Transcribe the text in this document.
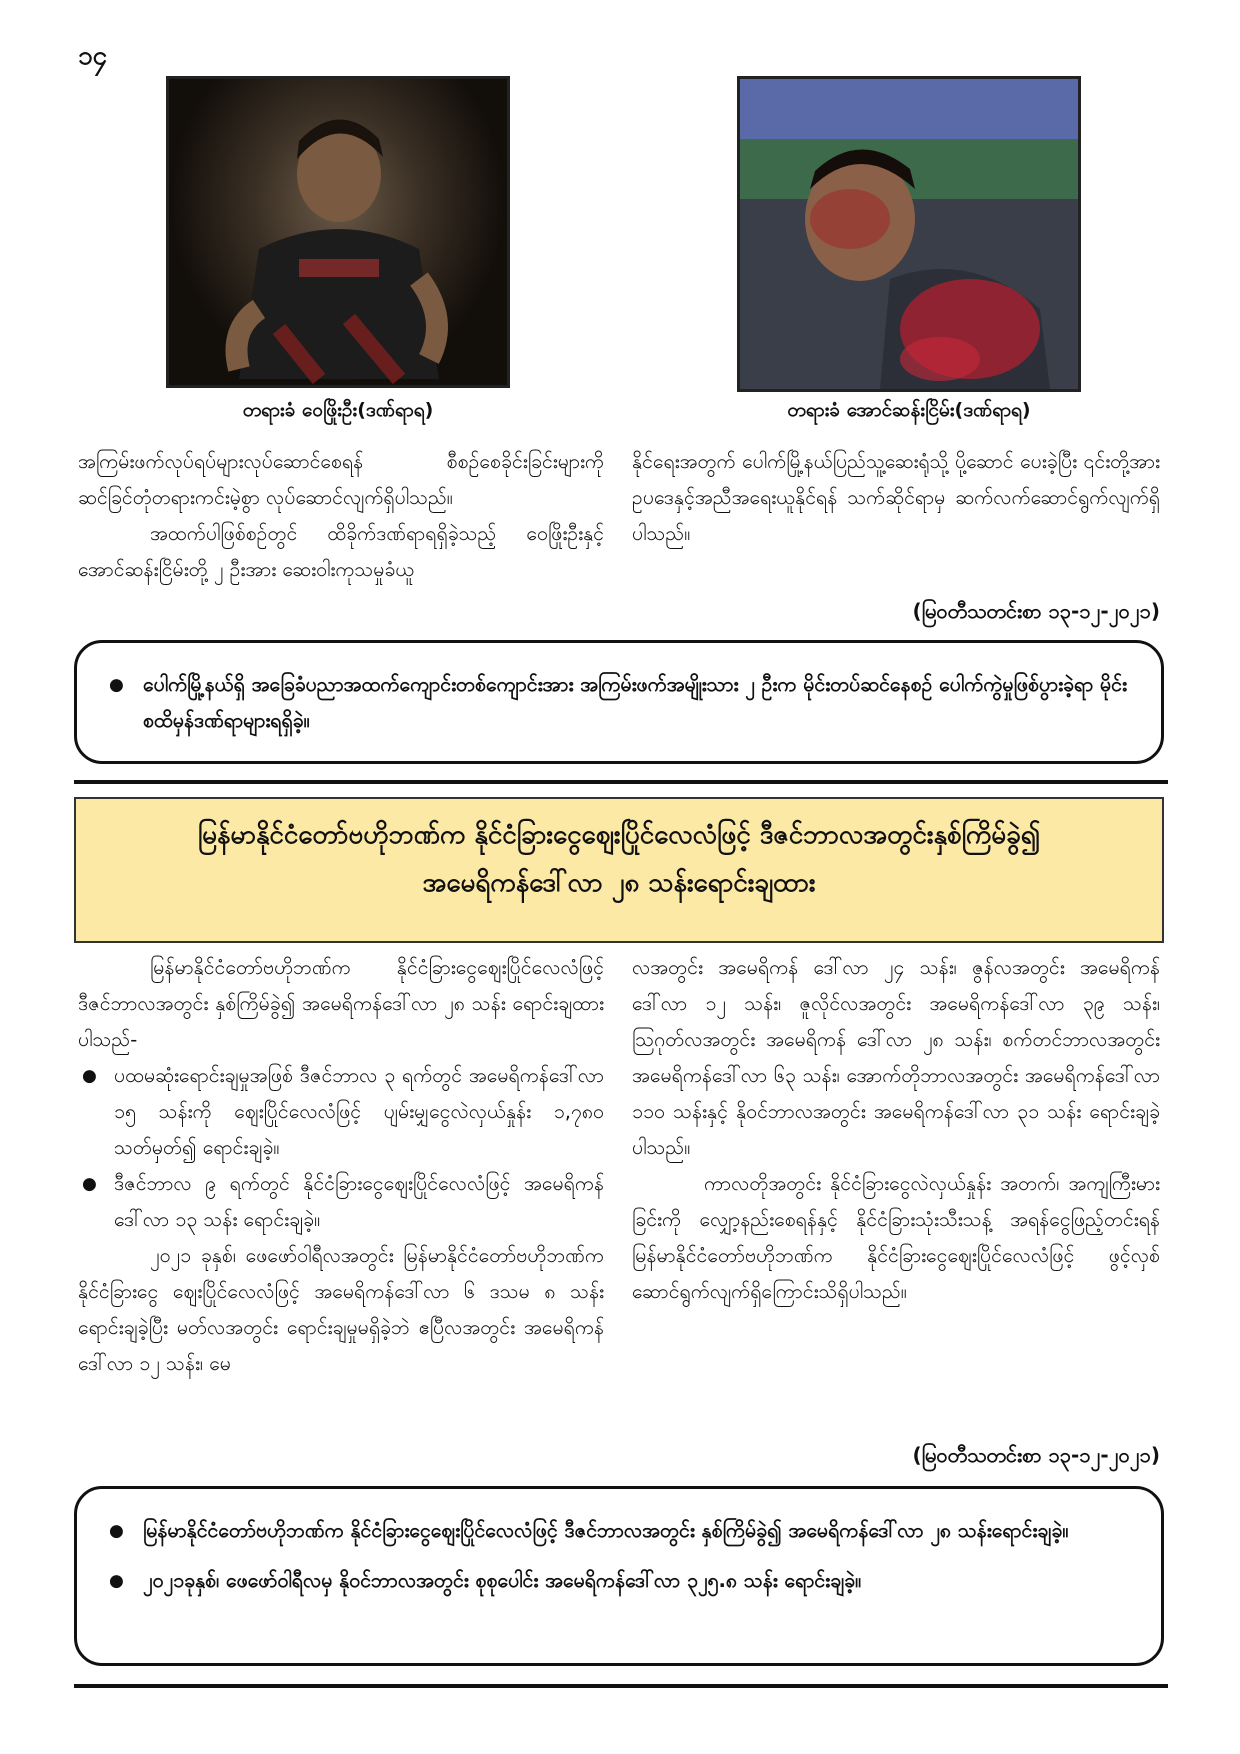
၁၄
တရားခံ ဝေဖြိုးဦး(ဒဏ်ရာရ)	တရားခံ အောင်ဆန်းငြိမ်း(ဒဏ်ရာရ)

အကြမ်းဖက်လုပ်ရပ်များလုပ်ဆောင်စေရန် စီစဉ်စေခိုင်းခြင်းများကို ဆင်ခြင်တုံတရားကင်းမဲ့စွာ လုပ်ဆောင်လျက်ရှိပါသည်။

အထက်ပါဖြစ်စဉ်တွင် ထိခိုက်ဒဏ်ရာရရှိခဲ့သည့် ဝေဖြိုးဦးနှင့် အောင်ဆန်းငြိမ်းတို့ ၂ ဦးအား ဆေးဝါးကုသမှုခံယူ

နိုင်ရေးအတွက် ပေါက်မြို့နယ်ပြည်သူ့ဆေးရုံသို့ ပို့ဆောင် ပေးခဲ့ပြီး ၎င်းတို့အား ဥပဒေနှင့်အညီအရေးယူနိုင်ရန် သက်ဆိုင်ရာမှ ဆက်လက်ဆောင်ရွက်လျက်ရှိပါသည်။

(မြဝတီသတင်းစာ ၁၃-၁၂-၂၀၂၁)
● ပေါက်မြို့နယ်ရှိ အခြေခံပညာအထက်ကျောင်းတစ်ကျောင်းအား အကြမ်းဖက်အမျိုးသား ၂ ဦးက မိုင်းတပ်ဆင်နေစဉ် ပေါက်ကွဲမှုဖြစ်ပွားခဲ့ရာ မိုင်းစထိမှန်ဒဏ်ရာများရရှိခဲ့။
မြန်မာနိုင်ငံတော်ဗဟိုဘဏ်က နိုင်ငံခြားငွေဈေးပြိုင်လေလံဖြင့် ဒီဇင်ဘာလအတွင်းနှစ်ကြိမ်ခွဲ၍
အမေရိကန်ဒေါ်လာ ၂၈ သန်းရောင်းချထား

မြန်မာနိုင်ငံတော်ဗဟိုဘဏ်က နိုင်ငံခြားငွေဈေးပြိုင်လေလံဖြင့် ဒီဇင်ဘာလအတွင်း နှစ်ကြိမ်ခွဲ၍ အမေရိကန်ဒေါ်လာ ၂၈ သန်း ရောင်းချထားပါသည်-

● ပထမဆုံးရောင်းချမှုအဖြစ် ဒီဇင်ဘာလ ၃ ရက်တွင် အမေရိကန်ဒေါ်လာ ၁၅ သန်းကို ဈေးပြိုင်လေလံဖြင့် ပျမ်းမျှငွေလဲလှယ်နှုန်း ၁,၇၈၀ သတ်မှတ်၍ ရောင်းချခဲ့။
● ဒီဇင်ဘာလ ၉ ရက်တွင် နိုင်ငံခြားငွေဈေးပြိုင်လေလံဖြင့် အမေရိကန်ဒေါ်လာ ၁၃ သန်း ရောင်းချခဲ့။

၂၀၂၁ ခုနှစ်၊ ဖေဖော်ဝါရီလအတွင်း မြန်မာနိုင်ငံတော်ဗဟိုဘဏ်က နိုင်ငံခြားငွေ ဈေးပြိုင်လေလံဖြင့် အမေရိကန်ဒေါ်လာ ၆ ဒသမ ၈ သန်း ရောင်းချခဲ့ပြီး မတ်လအတွင်း ရောင်းချမှုမရှိခဲ့ဘဲ ဧပြီလအတွင်း အမေရိကန်ဒေါ်လာ ၁၂ သန်း၊ မေ

လအတွင်း အမေရိကန် ဒေါ်လာ ၂၄ သန်း၊ ဇွန်လအတွင်း အမေရိကန်ဒေါ်လာ ၁၂ သန်း၊ ဇူလိုင်လအတွင်း အမေရိကန်ဒေါ်လာ ၃၉ သန်း၊ ဩဂုတ်လအတွင်း အမေရိကန် ဒေါ်လာ ၂၈ သန်း၊ စက်တင်ဘာလအတွင်း အမေရိကန်ဒေါ်လာ ၆၃ သန်း၊ အောက်တိုဘာလအတွင်း အမေရိကန်ဒေါ်လာ ၁၁၀ သန်းနှင့် နိုဝင်ဘာလအတွင်း အမေရိကန်ဒေါ်လာ ၃၁ သန်း ရောင်းချခဲ့ပါသည်။

ကာလတိုအတွင်း နိုင်ငံခြားငွေလဲလှယ်နှုန်း အတက်၊ အကျကြီးမားခြင်းကို လျှော့နည်းစေရန်နှင့် နိုင်ငံခြားသုံးသီးသန့် အရန်ငွေဖြည့်တင်းရန် မြန်မာနိုင်ငံတော်ဗဟိုဘဏ်က နိုင်ငံခြားငွေဈေးပြိုင်လေလံဖြင့် ဖွင့်လှစ်ဆောင်ရွက်လျက်ရှိကြောင်းသိရှိပါသည်။

(မြဝတီသတင်းစာ ၁၃-၁၂-၂၀၂၁)
● မြန်မာနိုင်ငံတော်ဗဟိုဘဏ်က နိုင်ငံခြားငွေဈေးပြိုင်လေလံဖြင့် ဒီဇင်ဘာလအတွင်း နှစ်ကြိမ်ခွဲ၍ အမေရိကန်ဒေါ်လာ ၂၈ သန်းရောင်းချခဲ့။
● ၂၀၂၁ခုနှစ်၊ ဖေဖော်ဝါရီလမှ နိုဝင်ဘာလအတွင်း စုစုပေါင်း အမေရိကန်ဒေါ်လာ ၃၂၅.၈ သန်း ရောင်းချခဲ့။
